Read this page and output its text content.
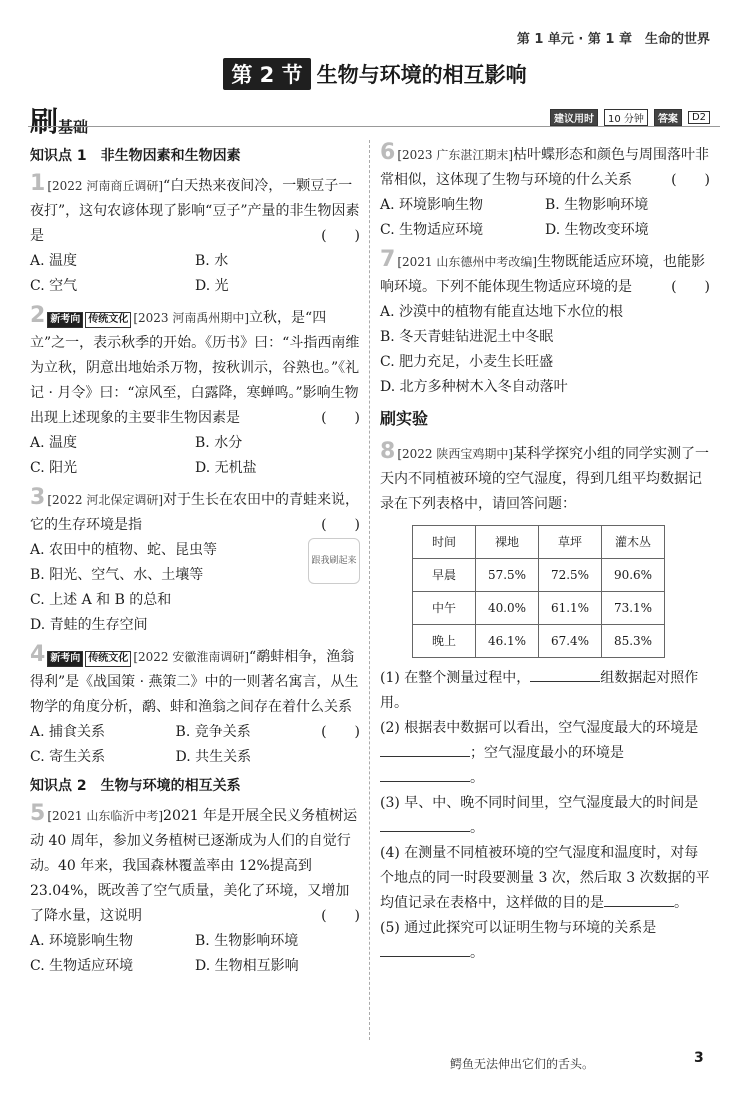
第 1 单元 · 第 1 章　生命的世界
第 2 节 生物与环境的相互影响
刷基础	建议用时	10 分钟	答案	D2
知识点 1　非生物因素和生物因素
1 [2022 河南商丘调研]“白天热来夜间冷，一颗豆子一夜打”，这句农谚体现了影响“豆子”产量的非生物因素是	(　　)
A. 温度	B. 水
C. 空气	D. 光
2 新考向 传统文化 [2023 河南禹州期中]立秋，是“四立”之一，表示秋季的开始。《历书》曰：“斗指西南维为立秋，阴意出地始杀万物，按秋训示，谷熟也。”《礼记 · 月令》曰：“凉风至，白露降，寒蝉鸣。”影响生物出现上述现象的主要非生物因素是	(　　)
A. 温度	B. 水分
C. 阳光	D. 无机盐
3 [2022 河北保定调研]对于生长在农田中的青蛙来说，它的生存环境是指	(　　)
跟我刷起来
A. 农田中的植物、蛇、昆虫等
B. 阳光、空气、水、土壤等
C. 上述 A 和 B 的总和
D. 青蛙的生存空间
4 新考向 传统文化 [2022 安徽淮南调研]“鹬蚌相争，渔翁得利”是《战国策 · 燕策二》中的一则著名寓言，从生物学的角度分析，鹬、蚌和渔翁之间存在着什么关系
(　　)
A. 捕食关系	B. 竞争关系
C. 寄生关系	D. 共生关系
知识点 2　生物与环境的相互关系
5 [2021 山东临沂中考]2021 年是开展全民义务植树运动 40 周年，参加义务植树已逐渐成为人们的自觉行动。40 年来，我国森林覆盖率由 12%提高到 23.04%，既改善了空气质量，美化了环境，又增加了降水量，这说明	(　　)
A. 环境影响生物	B. 生物影响环境
C. 生物适应环境	D. 生物相互影响
6 [2023 广东湛江期末]枯叶蝶形态和颜色与周围落叶非常相似，这体现了生物与环境的什么关系	(　　)
A. 环境影响生物	B. 生物影响环境
C. 生物适应环境	D. 生物改变环境
7 [2021 山东德州中考改编]生物既能适应环境，也能影响环境。下列不能体现生物适应环境的是	(　　)
A. 沙漠中的植物有能直达地下水位的根
B. 冬天青蛙钻进泥土中冬眠
C. 肥力充足，小麦生长旺盛
D. 北方多种树木入冬自动落叶
刷实验
8 [2022 陕西宝鸡期中]某科学探究小组的同学实测了一天内不同植被环境的空气湿度，得到几组平均数据记录在下列表格中，请回答问题：
时间	裸地	草坪	灌木丛
早晨	57.5%	72.5%	90.6%
中午	40.0%	61.1%	73.1%
晚上	46.1%	67.4%	85.3%
(1) 在整个测量过程中，	组数据起对照作用。
(2) 根据表中数据可以看出，空气湿度最大的环境是；空气湿度最小的环境是。
(3) 早、中、晚不同时间里，空气湿度最大的时间是。
(4) 在测量不同植被环境的空气湿度和温度时，对每个地点的同一时段要测量 3 次，然后取 3 次数据的平均值记录在表格中，这样做的目的是	。
(5) 通过此探究可以证明生物与环境的关系是。
鳄鱼无法伸出它们的舌头。	3
